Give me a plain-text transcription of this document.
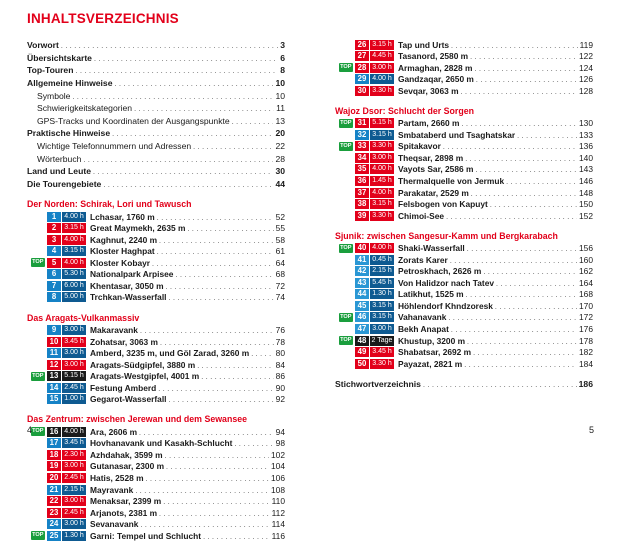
INHALTSVERZEICHNIS
Vorwort . . .	3
Übersichtskarte . . .	6
Top-Touren . . .	8
Allgemeine Hinweise . . .	10
Symbole . . .	10
Schwierigkeitskategorien . . .	11
GPS-Tracks und Koordinaten der Ausgangspunkte . . .	13
Praktische Hinweise . . .	20
Wichtige Telefonnummern und Adressen . . .	22
Wörterbuch . . .	28
Land und Leute . . .	30
Die Tourengebiete . . .	44
Der Norden: Schirak, Lori und Tawusch
1	4.00 h Lchasar, 1760 m . . .	52
2	3.15 h Great Maymekh, 2635 m . . .	55
3	4.00 h Kaghnut, 2240 m . . .	58
4	3.15 h Kloster Haghpat . . .	61
TOP	5	4.00 h Kloster Kobayr . . .	64
6	5.30 h Nationalpark Arpisee . . .	68
7	6.00 h Khentasar, 3050 m . . .	72
8	5.00 h Trchkan-Wasserfall . . .	74
Das Aragats-Vulkanmassiv
9	3.00 h Makaravank . . .	76
10 3.45 h Zohatsar, 3063 m . . .	78
11 3.00 h Amberd, 3235 m, und Göl Zarad, 3260 m . . .	80
12 3.00 h Aragats-Südgipfel, 3880 m . . .	84
TOP 13 5.15 h Aragats-Westgipfel, 4001 m . . .	86
14 2.45 h Festung Amberd . . .	90
15 1.00 h Gegarot-Wasserfall . . .	92
Das Zentrum: zwischen Jerewan und dem Sewansee
TOP 16 4.00 h Ara, 2606 m . . .	94
17 3.45 h Hovhanavank und Kasakh-Schlucht . . .	98
18 2.30 h Azhdahak, 3599 m . . .	102
19 3.00 h Gutanasar, 2300 m . . .	104
20 2.45 h Hatis, 2528 m . . .	106
21 2.15 h Mayravank . . .	108
22 3.00 h Menaksar, 2399 m . . .	110
23 2.45 h Arjanots, 2381 m . . .	112
24 3.00 h Sevanavank . . .	114
TOP 25 1.30 h Garni: Tempel und Schlucht . . .	116
26 3.15 h Tap und Urts . . .	119
27 4.45 h Tasanord, 2580 m . . .	122
TOP 28 3.00 h Armaghan, 2828 m . . .	124
29 4.00 h Gandzaqar, 2650 m . . .	126
30 3.30 h Sevqar, 3063 m . . .	128
Wajoz Dsor: Schlucht der Sorgen
TOP 31 5.15 h Partam, 2660 m . . .	130
32 3.15 h Smbataberd und Tsaghatskar . . .	133
TOP 33 3.30 h Spitakavor . . .	136
34 3.00 h Theqsar, 2898 m . . .	140
35 4.00 h Vayots Sar, 2586 m . . .	143
36 1.45 h Thermalquelle von Jermuk . . .	146
37 4.00 h Parakatar, 2529 m . . .	148
38 3.15 h Felsbogen von Kapuyt . . .	150
39 3.30 h Chimoi-See . . .	152
Sjunik: zwischen Sangesur-Kamm und Bergkarabach
TOP 40 4.00 h Shaki-Wasserfall . . .	156
41 0.45 h Zorats Karer . . .	160
42 2.15 h Petroskhach, 2626 m . . .	162
43 5.45 h Von Halidzor nach Tatev . . .	164
44 1.30 h Latikhut, 1525 m . . .	168
45 3.15 h Höhlendorf Khndzoresk . . .	170
TOP 46 3.15 h Vahanavank . . .	172
47 3.00 h Bekh Anapat . . .	176
TOP 48 2 Tage Khustup, 3200 m . . .	178
49 3.45 h Shabatsar, 2692 m . . .	182
50 3.30 h Payazat, 2821 m . . .	184
Stichwortverzeichnis . . .	186
4	5
